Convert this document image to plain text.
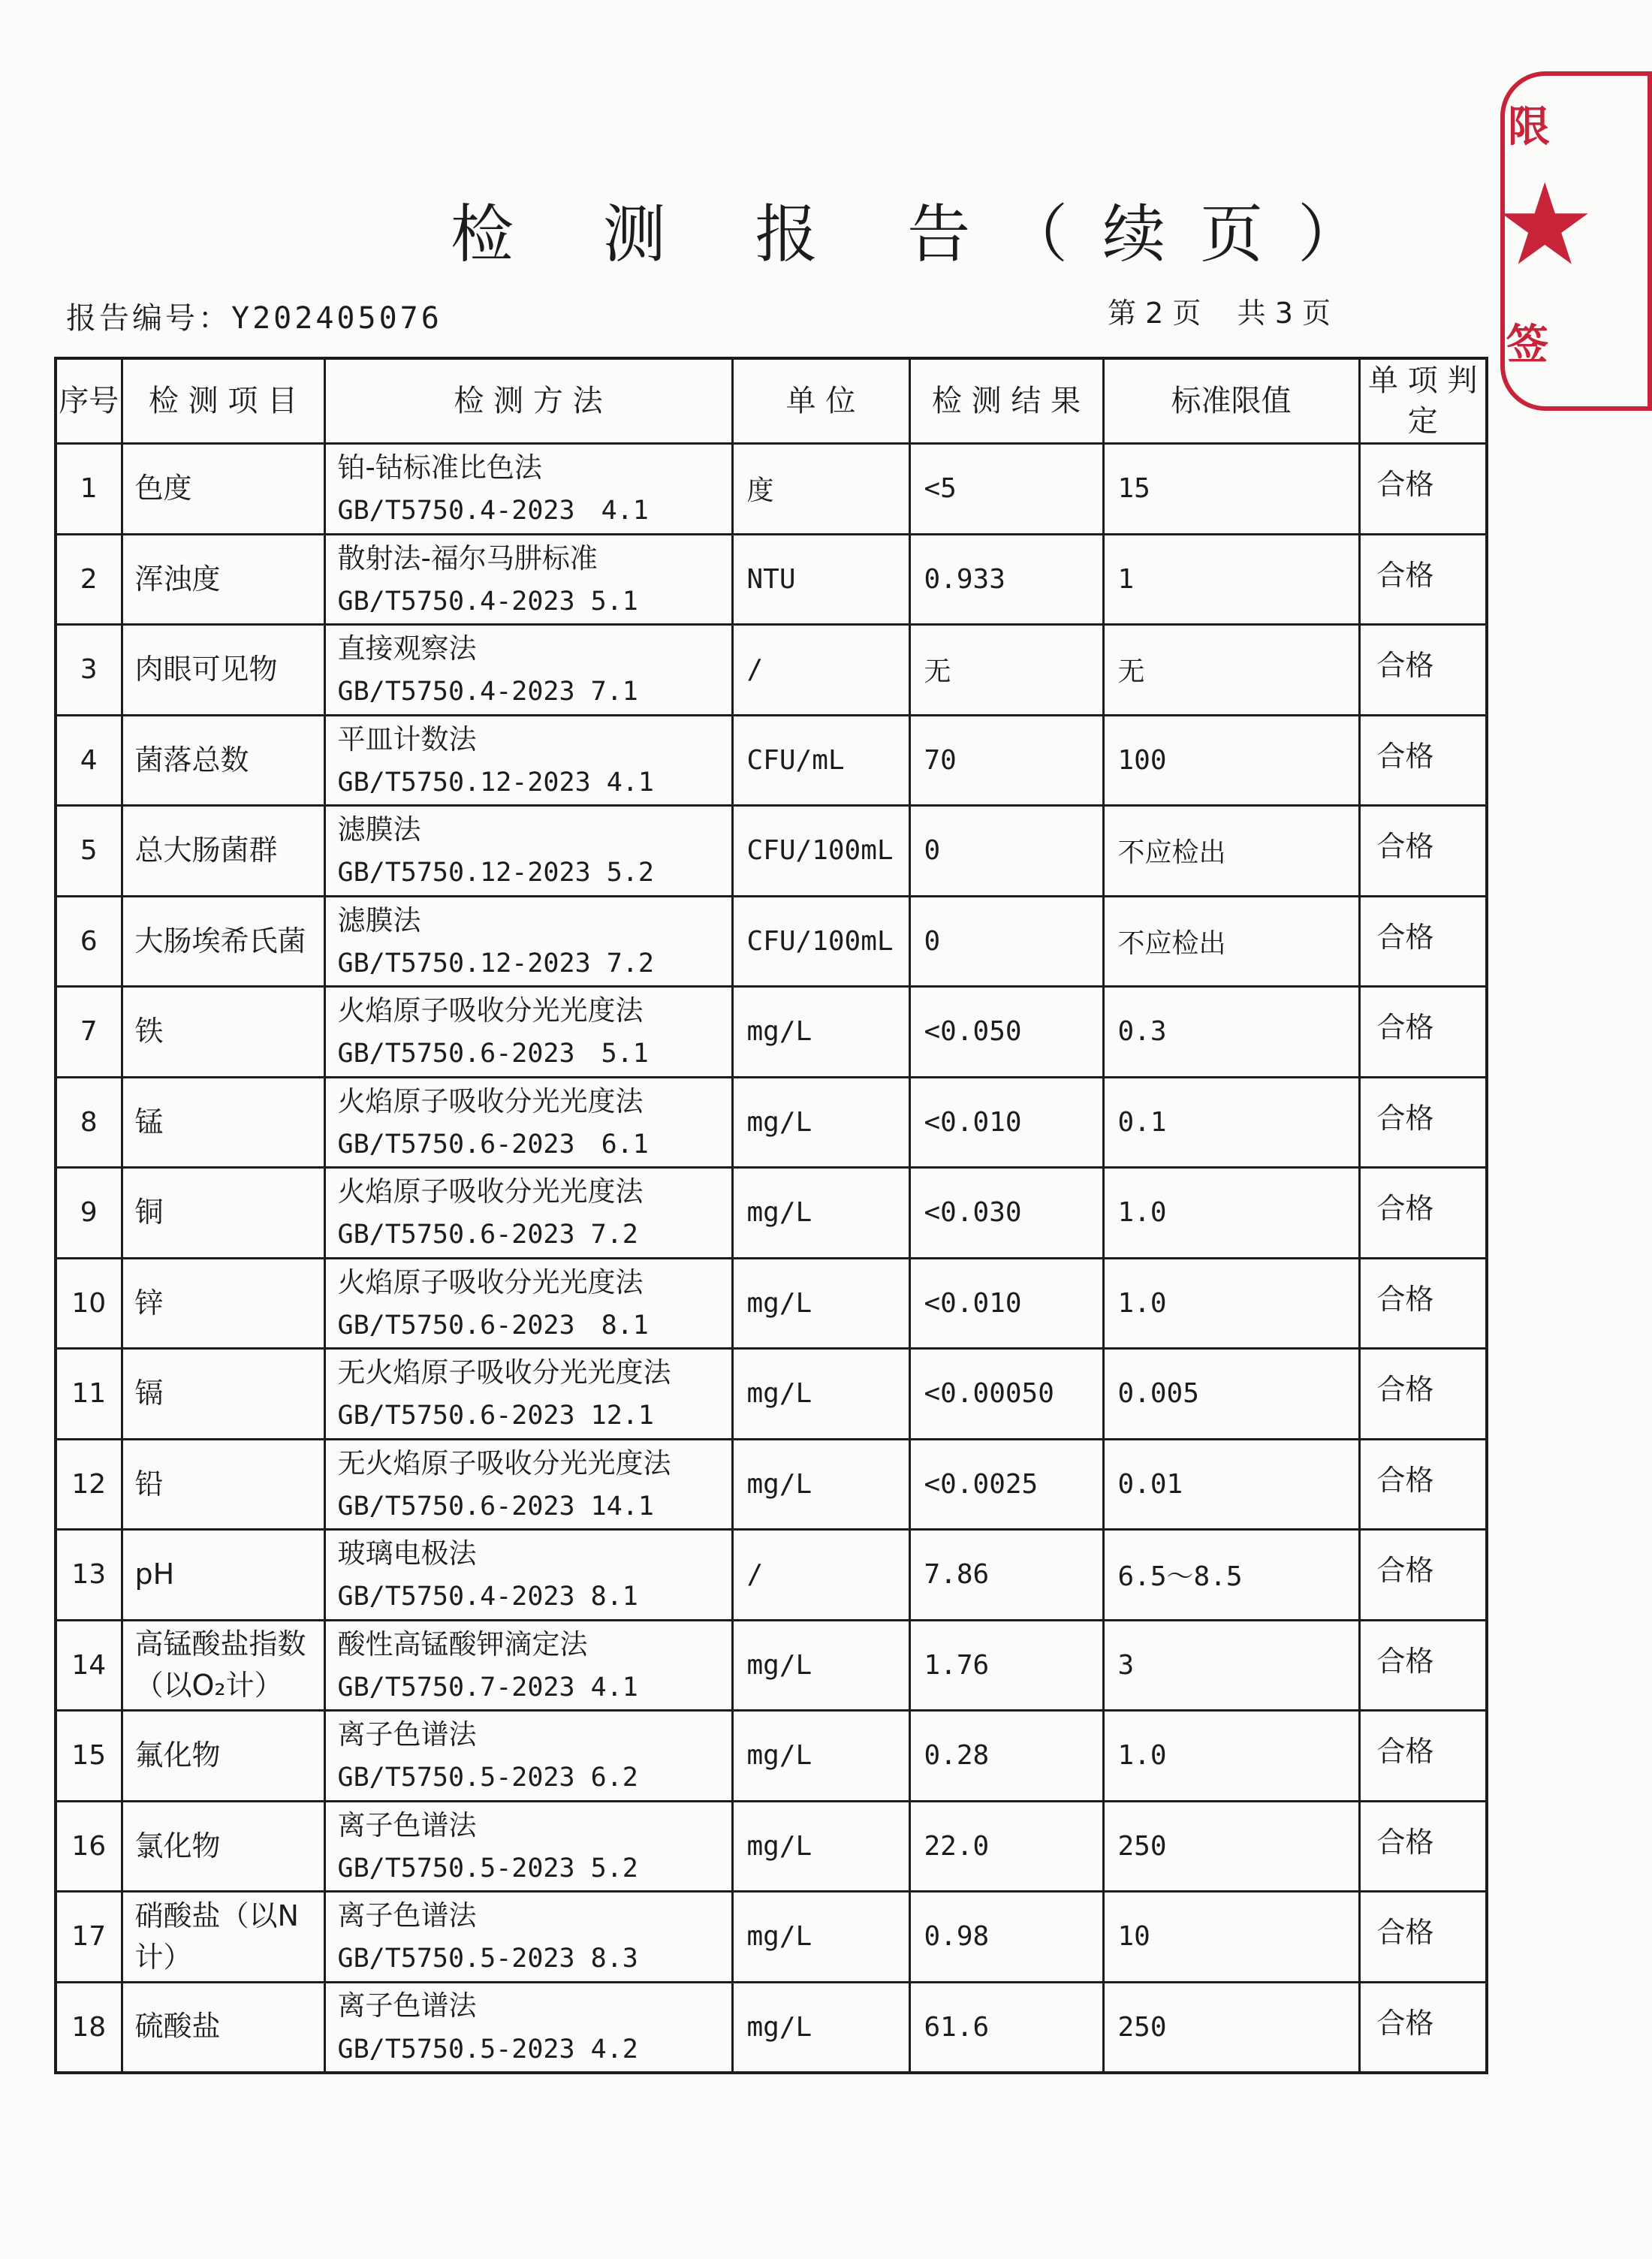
检 测 报 告（续页）
报告编号：Y202405076	第 2 页    共 3 页
限
★
签
序号	检 测 项 目	检 测 方 法	单 位	检 测 结 果	标准限值	单 项 判 定
1	色度	铂-钴标准比色法
GB/T5750.4-2023　4.1	度	<5	15	合格
2	浑浊度	散射法-福尔马肼标准
GB/T5750.4-2023 5.1	NTU	0.933	1	合格
3	肉眼可见物	直接观察法
GB/T5750.4-2023 7.1	/	无	无	合格
4	菌落总数	平皿计数法
GB/T5750.12-2023 4.1	CFU/mL	70	100	合格
5	总大肠菌群	滤膜法
GB/T5750.12-2023 5.2	CFU/100mL	0	不应检出	合格
6	大肠埃希氏菌	滤膜法
GB/T5750.12-2023 7.2	CFU/100mL	0	不应检出	合格
7	铁	火焰原子吸收分光光度法
GB/T5750.6-2023　5.1	mg/L	<0.050	0.3	合格
8	锰	火焰原子吸收分光光度法
GB/T5750.6-2023　6.1	mg/L	<0.010	0.1	合格
9	铜	火焰原子吸收分光光度法
GB/T5750.6-2023 7.2	mg/L	<0.030	1.0	合格
10	锌	火焰原子吸收分光光度法
GB/T5750.6-2023　8.1	mg/L	<0.010	1.0	合格
11	镉	无火焰原子吸收分光光度法
GB/T5750.6-2023 12.1	mg/L	<0.00050	0.005	合格
12	铅	无火焰原子吸收分光光度法
GB/T5750.6-2023 14.1	mg/L	<0.0025	0.01	合格
13	pH	玻璃电极法
GB/T5750.4-2023 8.1	/	7.86	6.5～8.5	合格
14	高锰酸盐指数（以O₂计）	酸性高锰酸钾滴定法
GB/T5750.7-2023 4.1	mg/L	1.76	3	合格
15	氟化物	离子色谱法
GB/T5750.5-2023 6.2	mg/L	0.28	1.0	合格
16	氯化物	离子色谱法
GB/T5750.5-2023 5.2	mg/L	22.0	250	合格
17	硝酸盐（以N计）	离子色谱法
GB/T5750.5-2023 8.3	mg/L	0.98	10	合格
18	硫酸盐	离子色谱法
GB/T5750.5-2023 4.2	mg/L	61.6	250	合格
